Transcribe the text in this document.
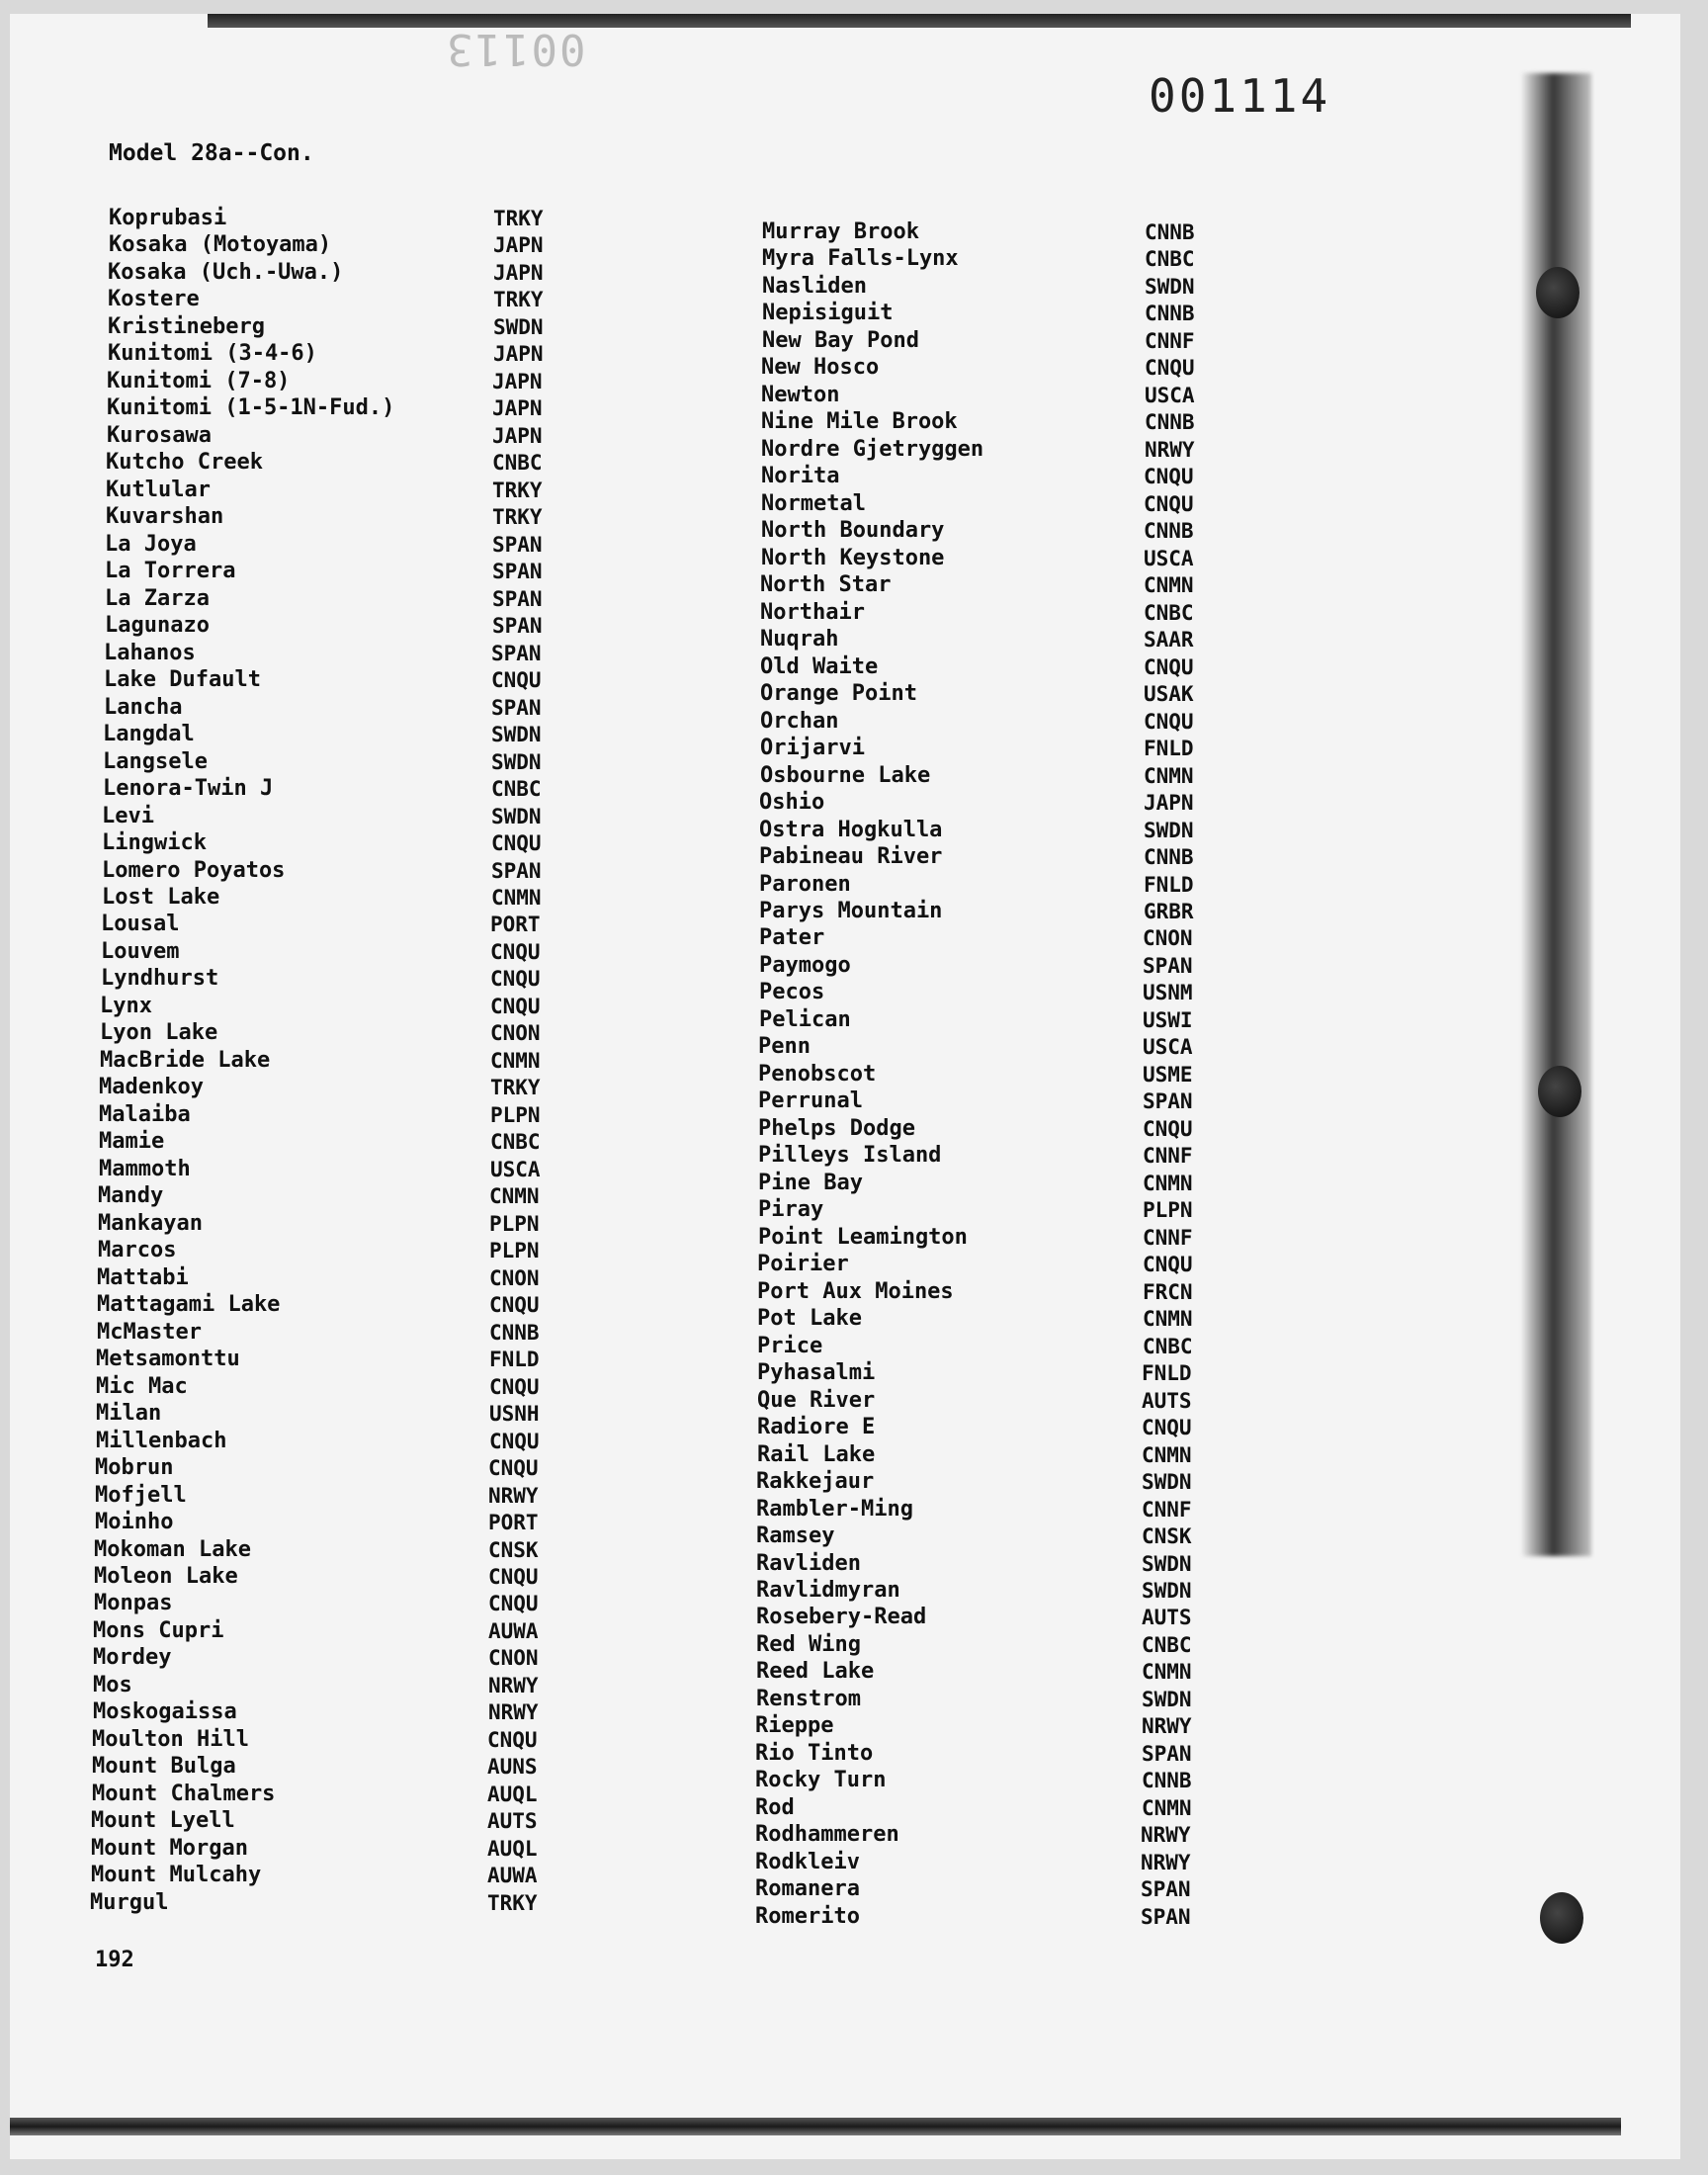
00113
001114
Model 28a--Con.
Koprubasi	TRKY
Kosaka (Motoyama)	JAPN
Kosaka (Uch.-Uwa.)	JAPN
Kostere	TRKY
Kristineberg	SWDN
Kunitomi (3-4-6)	JAPN
Kunitomi (7-8)	JAPN
Kunitomi (1-5-1N-Fud.)	JAPN
Kurosawa	JAPN
Kutcho Creek	CNBC
Kutlular	TRKY
Kuvarshan	TRKY
La Joya	SPAN
La Torrera	SPAN
La Zarza	SPAN
Lagunazo	SPAN
Lahanos	SPAN
Lake Dufault	CNQU
Lancha	SPAN
Langdal	SWDN
Langsele	SWDN
Lenora-Twin J	CNBC
Levi	SWDN
Lingwick	CNQU
Lomero Poyatos	SPAN
Lost Lake	CNMN
Lousal	PORT
Louvem	CNQU
Lyndhurst	CNQU
Lynx	CNQU
Lyon Lake	CNON
MacBride Lake	CNMN
Madenkoy	TRKY
Malaiba	PLPN
Mamie	CNBC
Mammoth	USCA
Mandy	CNMN
Mankayan	PLPN
Marcos	PLPN
Mattabi	CNON
Mattagami Lake	CNQU
McMaster	CNNB
Metsamonttu	FNLD
Mic Mac	CNQU
Milan	USNH
Millenbach	CNQU
Mobrun	CNQU
Mofjell	NRWY
Moinho	PORT
Mokoman Lake	CNSK
Moleon Lake	CNQU
Monpas	CNQU
Mons Cupri	AUWA
Mordey	CNON
Mos	NRWY
Moskogaissa	NRWY
Moulton Hill	CNQU
Mount Bulga	AUNS
Mount Chalmers	AUQL
Mount Lyell	AUTS
Mount Morgan	AUQL
Mount Mulcahy	AUWA
Murgul	TRKY
Murray Brook	CNNB
Myra Falls-Lynx	CNBC
Nasliden	SWDN
Nepisiguit	CNNB
New Bay Pond	CNNF
New Hosco	CNQU
Newton	USCA
Nine Mile Brook	CNNB
Nordre Gjetryggen	NRWY
Norita	CNQU
Normetal	CNQU
North Boundary	CNNB
North Keystone	USCA
North Star	CNMN
Northair	CNBC
Nuqrah	SAAR
Old Waite	CNQU
Orange Point	USAK
Orchan	CNQU
Orijarvi	FNLD
Osbourne Lake	CNMN
Oshio	JAPN
Ostra Hogkulla	SWDN
Pabineau River	CNNB
Paronen	FNLD
Parys Mountain	GRBR
Pater	CNON
Paymogo	SPAN
Pecos	USNM
Pelican	USWI
Penn	USCA
Penobscot	USME
Perrunal	SPAN
Phelps Dodge	CNQU
Pilleys Island	CNNF
Pine Bay	CNMN
Piray	PLPN
Point Leamington	CNNF
Poirier	CNQU
Port Aux Moines	FRCN
Pot Lake	CNMN
Price	CNBC
Pyhasalmi	FNLD
Que River	AUTS
Radiore E	CNQU
Rail Lake	CNMN
Rakkejaur	SWDN
Rambler-Ming	CNNF
Ramsey	CNSK
Ravliden	SWDN
Ravlidmyran	SWDN
Rosebery-Read	AUTS
Red Wing	CNBC
Reed Lake	CNMN
Renstrom	SWDN
Rieppe	NRWY
Rio Tinto	SPAN
Rocky Turn	CNNB
Rod	CNMN
Rodhammeren	NRWY
Rodkleiv	NRWY
Romanera	SPAN
Romerito	SPAN
192
